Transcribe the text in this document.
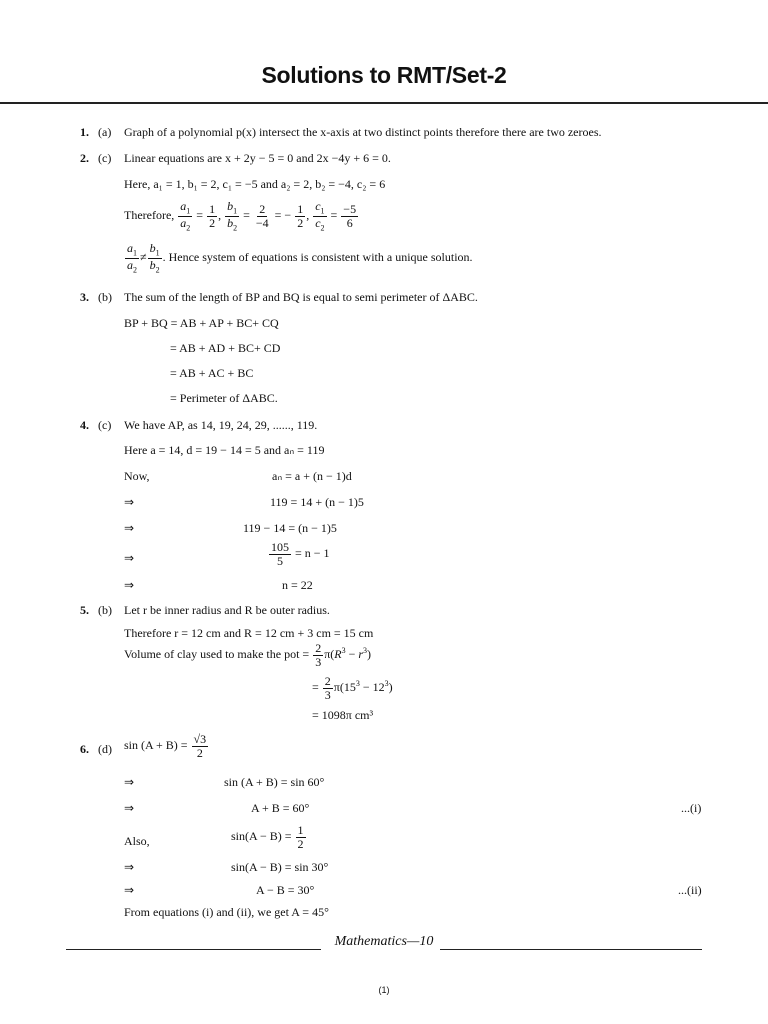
Solutions to RMT/Set-2
1. (a) Graph of a polynomial p(x) intersect the x-axis at two distinct points therefore there are two zeroes.
2. (c) Linear equations are x + 2y − 5 = 0 and 2x −4y + 6 = 0.
Here, a₁ = 1, b₁ = 2, c₁ = −5 and a₂ = 2, b₂ = −4, c₂ = 6
Therefore, $\frac{a_1}{a_2} = \frac{1}{2}$ , $\frac{b_1}{b_2} = \frac{2}{-4}$ = − $\frac{1}{2}$ , $\frac{c_1}{c_2} = \frac{-5}{6}$
$\frac{a_1}{a_2} \ne \frac{b_1}{b_2}$ . Hence system of equations is consistent with a unique solution.
3. (b) The sum of the length of BP and BQ is equal to semi perimeter of ΔABC.
BP + BQ = AB + AP + BC+ CQ
= AB + AD + BC+ CD
= AB + AC + BC
= Perimeter of ΔABC.
4. (c) We have AP, as 14, 19, 24, 29, ......, 119.
Here a = 14, d = 19 − 14 = 5 and aₙ = 119
Now,	aₙ = a + (n − 1)d
⇒	119 = 14 + (n − 1)5
⇒	119 − 14 = (n − 1)5
⇒	$\frac{105}{5} = n - 1$
⇒	n = 22
5. (b) Let r be inner radius and R be outer radius.
Therefore r = 12 cm and R = 12 cm + 3 cm = 15 cm
Volume of clay used to make the pot = $\frac{2}{3} \pi(R^3 - r^3)$
= $\frac{2}{3} \pi(15^3 - 12^3)$
= 1098π cm³
6. (d) $\sin (A + B) = \frac{√3}{2}$
⇒	sin (A + B) = sin 60°
⇒	A + B = 60°	...(i)
Also,	$\sin(A - B) = \frac{1}{2}$
⇒	sin(A − B) = sin 30°
⇒	A − B = 30°	...(ii)
From equations (i) and (ii), we get A = 45°
Mathematics—10
(1)
